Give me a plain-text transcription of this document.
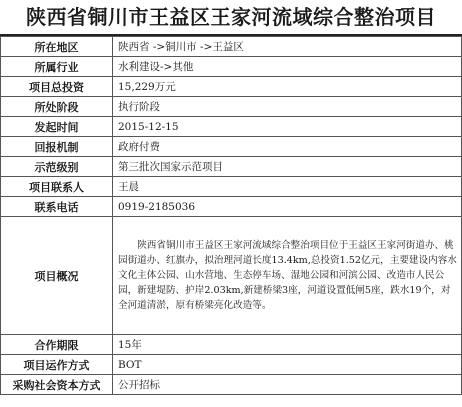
陕西省铜川市王益区王家河流域综合整治项目
所在地区	陕西省 ->铜川市 ->王益区
所属行业	水利建设->其他
项目总投资	15,229万元
所处阶段	执行阶段
发起时间	2015-12-15
回报机制	政府付费
示范级别	第三批次国家示范项目
项目联系人	王晨
联系电话	0919-2185036
项目概况	陕西省铜川市王益区王家河流域综合整治项目位于王益区王家河街道办、桃园街道办、红旗办，拟治理河道长度13.4km,总投资1.52亿元，主要建设内容水文化主体公园、山水营地、生态停车场、湿地公园和河滨公园、改造市人民公园，新建堤防、护岸2.03km,新建桥梁3座，河道设置低闸5座，跌水19个，对全河道清淤，原有桥梁亮化改造等。
合作期限	15年
项目运作方式	BOT
采购社会资本方式	公开招标
